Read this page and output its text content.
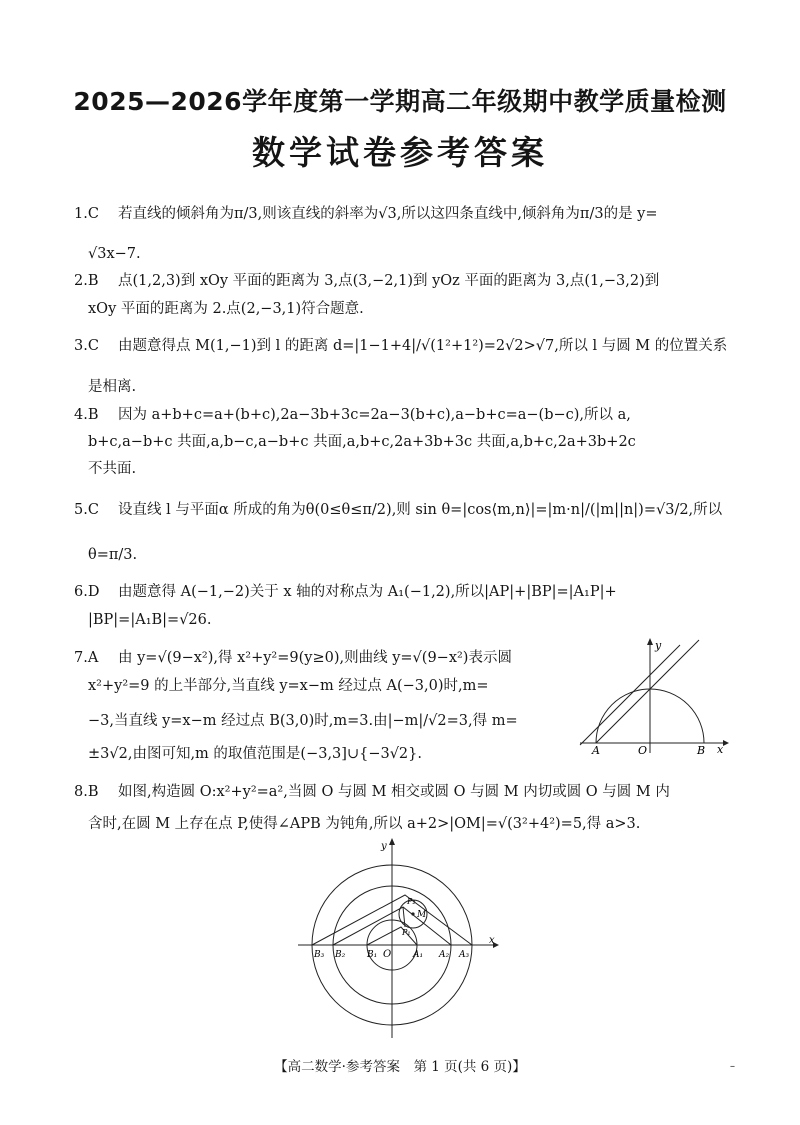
2025—2026学年度第一学期高二年级期中教学质量检测
数学试卷参考答案
1.C 若直线的倾斜角为π/3,则该直线的斜率为√3,所以这四条直线中,倾斜角为π/3的是 y=
√3x−7.
2.B 点(1,2,3)到 xOy 平面的距离为 3,点(3,−2,1)到 yOz 平面的距离为 3,点(1,−3,2)到
xOy 平面的距离为 2.点(2,−3,1)符合题意.
3.C 由题意得点 M(1,−1)到 l 的距离 d=|1−1+4|/√(1²+1²)=2√2>√7,所以 l 与圆 M 的位置关系
是相离.
4.B 因为 a+b+c=a+(b+c),2a−3b+3c=2a−3(b+c),a−b+c=a−(b−c),所以 a,
b+c,a−b+c 共面,a,b−c,a−b+c 共面,a,b+c,2a+3b+3c 共面,a,b+c,2a+3b+2c
不共面.
5.C 设直线 l 与平面α 所成的角为θ(0≤θ≤π/2),则 sin θ=|cos⟨m,n⟩|=|m·n|/(|m||n|)=√3/2,所以
θ=π/3.
6.D 由题意得 A(−1,−2)关于 x 轴的对称点为 A₁(−1,2),所以|AP|+|BP|=|A₁P|+
|BP|=|A₁B|=√26.
7.A 由 y=√(9−x²),得 x²+y²=9(y≥0),则曲线 y=√(9−x²)表示圆
x²+y²=9 的上半部分,当直线 y=x−m 经过点 A(−3,0)时,m=
−3,当直线 y=x−m 经过点 B(3,0)时,m=3.由|−m|/√2=3,得 m=
±3√2,由图可知,m 的取值范围是(−3,3]∪{−3√2}.
y
x
A	O	B
8.B 如图,构造圆 O:x²+y²=a²,当圆 O 与圆 M 相交或圆 O 与圆 M 内切或圆 O 与圆 M 内
含时,在圆 M 上存在点 P,使得∠APB 为钝角,所以 a+2>|OM|=√(3²+4²)=5,得 a>3.
y
x
O
B₃ B₂ B₁	A₁ A₂ A₃
P₂
P₁
M
【高二数学·参考答案　第 1 页(共 6 页)】	–
